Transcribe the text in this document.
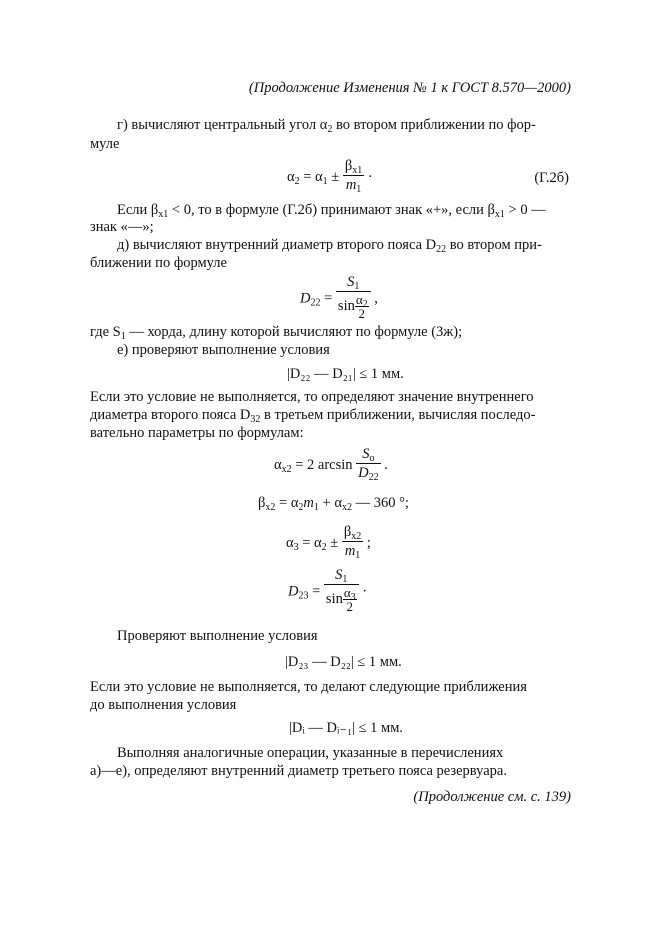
(Продолжение Изменения № 1 к ГОСТ 8.570—2000)
г) вычисляют центральный угол $\alpha_2$ во втором приближении по фор-
муле
$\alpha_2 = \alpha_1 \pm \frac{\beta_{x1}}{m_1}$ ·	(Г.2б)
Если $\beta_{x1} < 0$, то в формуле (Г.2б) принимают знак «+», если $\beta_{x1} > 0$ —
знак «—»;
д) вычисляют внутренний диаметр второго пояса $D_{22}$ во втором при-
ближении по формуле
$D_{22} = \frac{S_1}{\sin \frac{\alpha_2}{2}}$ ,
где $S_1$ — хорда, длину которой вычисляют по формуле (3ж);
е) проверяют выполнение условия
|D₂₂ — D₂₁| ≤ 1 мм.
Если это условие не выполняется, то определяют значение внутреннего
диаметра второго пояса $D_{32}$ в третьем приближении, вычисляя последо-
вательно параметры по формулам:
$\alpha_{x2} = 2$ $\arcsin \frac{S_o}{D_{22}}$ .
$\beta_{x2} = \alpha_2m_1 + \alpha_{x2}$ — 360 °;
$\alpha_3 = \alpha_2 \pm \frac{\beta_{x2}}{m_1}$ ;
$D_{23} = \frac{S_1}{\sin \frac{\alpha_3}{2}}$ ·
Проверяют выполнение условия
|D₂₃ — D₂₂| ≤ 1 мм.
Если это условие не выполняется, то делают следующие приближения
до выполнения условия
|Dᵢ — Dᵢ₋₁| ≤ 1 мм.
Выполняя аналогичные операции, указанные в перечислениях
а)—е), определяют внутренний диаметр третьего пояса резервуара.
(Продолжение см. с. 139)
